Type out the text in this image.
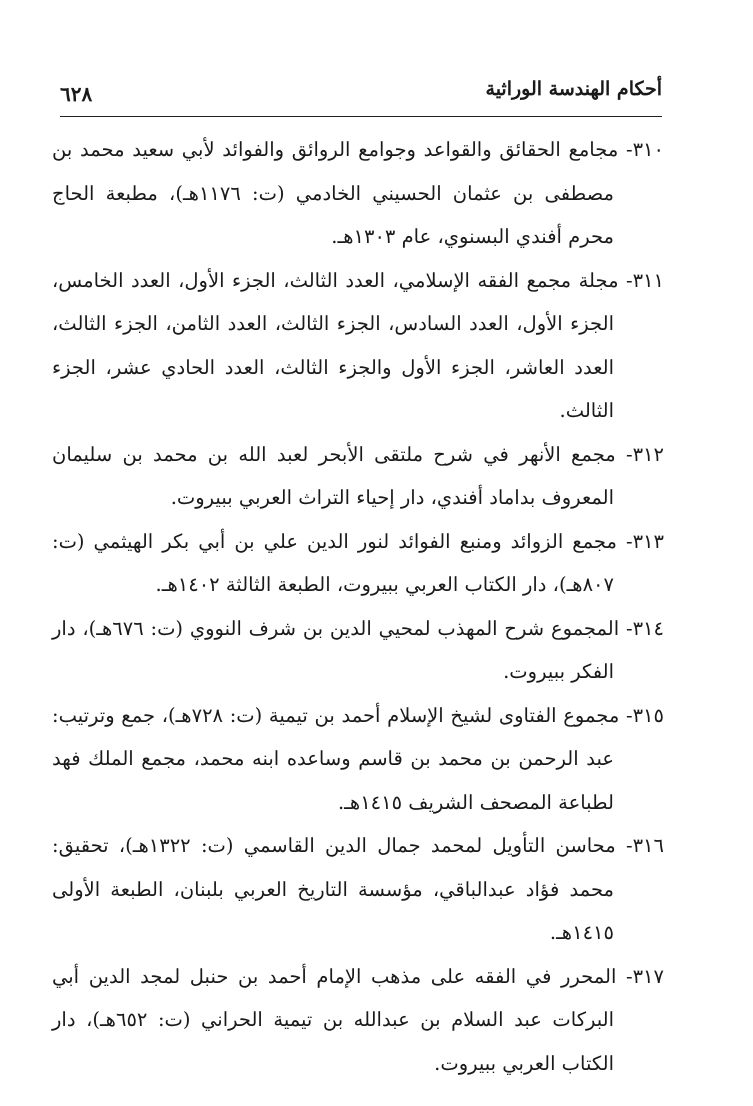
أحكام الهندسة الوراثية
٦٢٨

٣١٠- مجامع الحقائق والقواعد وجوامع الروائق والفوائد لأبي سعيد محمد بن مصطفى بن عثمان الحسيني الخادمي (ت: ١١٧٦هـ)، مطبعة الحاج محرم أفندي البسنوي، عام ١٣٠٣هـ.

٣١١- مجلة مجمع الفقه الإسلامي، العدد الثالث، الجزء الأول، العدد الخامس، الجزء الأول، العدد السادس، الجزء الثالث، العدد الثامن، الجزء الثالث، العدد العاشر، الجزء الأول والجزء الثالث، العدد الحادي عشر، الجزء الثالث.

٣١٢- مجمع الأنهر في شرح ملتقى الأبحر لعبد الله بن محمد بن سليمان المعروف بداماد أفندي، دار إحياء التراث العربي ببيروت.

٣١٣- مجمع الزوائد ومنبع الفوائد لنور الدين علي بن أبي بكر الهيثمي (ت: ٨٠٧هـ)، دار الكتاب العربي ببيروت، الطبعة الثالثة ١٤٠٢هـ.

٣١٤- المجموع شرح المهذب لمحيي الدين بن شرف النووي (ت: ٦٧٦هـ)، دار الفكر ببيروت.

٣١٥- مجموع الفتاوى لشيخ الإسلام أحمد بن تيمية (ت: ٧٢٨هـ)، جمع وترتيب: عبد الرحمن بن محمد بن قاسم وساعده ابنه محمد، مجمع الملك فهد لطباعة المصحف الشريف ١٤١٥هـ.

٣١٦- محاسن التأويل لمحمد جمال الدين القاسمي (ت: ١٣٢٢هـ)، تحقيق: محمد فؤاد عبدالباقي، مؤسسة التاريخ العربي بلبنان، الطبعة الأولى ١٤١٥هـ.

٣١٧- المحرر في الفقه على مذهب الإمام أحمد بن حنبل لمجد الدين أبي البركات عبد السلام بن عبدالله بن تيمية الحراني (ت: ٦٥٢هـ)، دار الكتاب العربي ببيروت.
